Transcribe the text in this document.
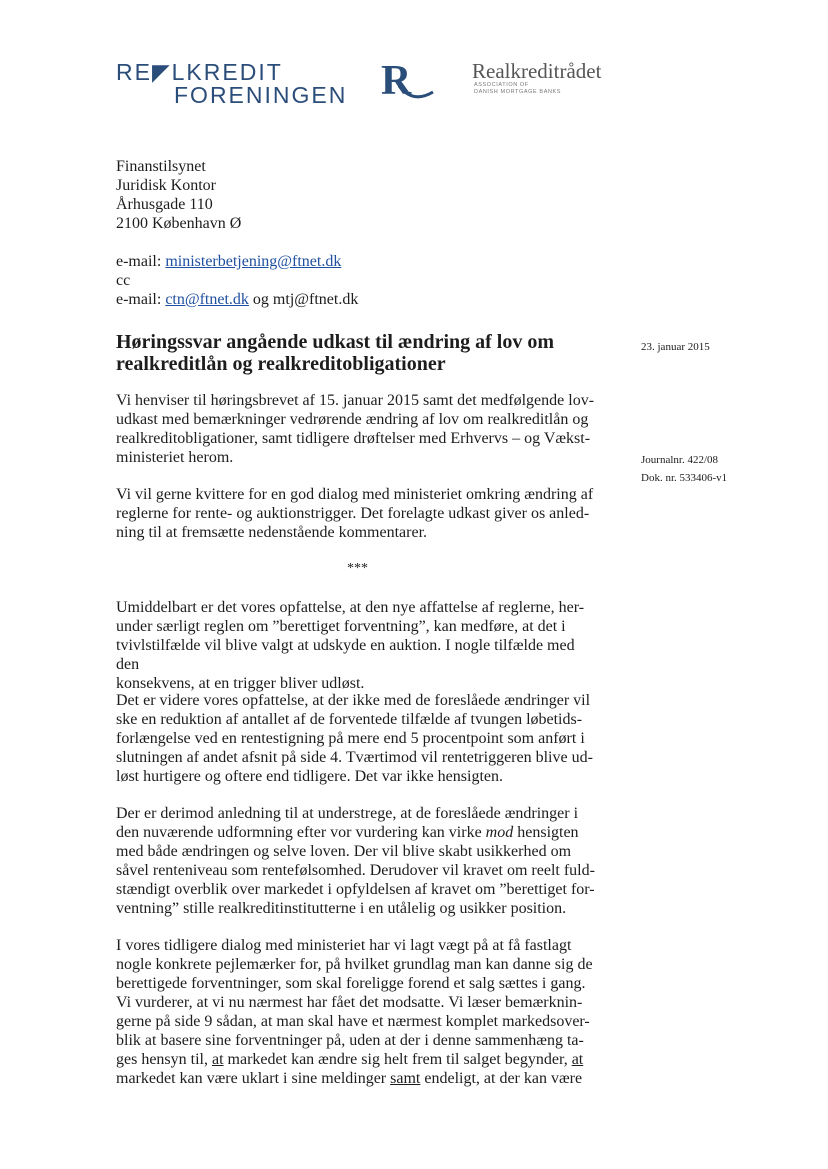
RE◤LKREDIT
FORENINGEN R	Realkreditrådet
ASSOCIATION OF
DANISH MORTGAGE BANKS
Finanstilsynet
Juridisk Kontor
Århusgade 110
2100 København Ø
e-mail: ministerbetjening@ftnet.dk
cc
e-mail: ctn@ftnet.dk og mtj@ftnet.dk
Høringssvar angående udkast til ændring af lov om realkreditlån og realkreditobligationer
23. januar 2015
Journalnr. 422/08
Dok. nr. 533406-v1
Vi henviser til høringsbrevet af 15. januar 2015 samt det medfølgende lov-
udkast med bemærkninger vedrørende ændring af lov om realkreditlån og
realkreditobligationer, samt tidligere drøftelser med Erhvervs – og Vækst-
ministeriet herom.
Vi vil gerne kvittere for en god dialog med ministeriet omkring ændring af
reglerne for rente- og auktionstrigger. Det forelagte udkast giver os anled-
ning til at fremsætte nedenstående kommentarer.
***
Umiddelbart er det vores opfattelse, at den nye affattelse af reglerne, her-
under særligt reglen om ”berettiget forventning”, kan medføre, at det i
tvivlstilfælde vil blive valgt at udskyde en auktion. I nogle tilfælde med den
konsekvens, at en trigger bliver udløst.
Det er videre vores opfattelse, at der ikke med de foreslåede ændringer vil
ske en reduktion af antallet af de forventede tilfælde af tvungen løbetids-
forlængelse ved en rentestigning på mere end 5 procentpoint som anført i
slutningen af andet afsnit på side 4. Tværtimod vil rentetriggeren blive ud-
løst hurtigere og oftere end tidligere. Det var ikke hensigten.
Der er derimod anledning til at understrege, at de foreslåede ændringer i
den nuværende udformning efter vor vurdering kan virke mod hensigten
med både ændringen og selve loven. Der vil blive skabt usikkerhed om
såvel renteniveau som rentefølsomhed. Derudover vil kravet om reelt fuld-
stændigt overblik over markedet i opfyldelsen af kravet om ”berettiget for-
ventning” stille realkreditinstitutterne i en utålelig og usikker position.
I vores tidligere dialog med ministeriet har vi lagt vægt på at få fastlagt
nogle konkrete pejlemærker for, på hvilket grundlag man kan danne sig de
berettigede forventninger, som skal foreligge forend et salg sættes i gang.
Vi vurderer, at vi nu nærmest har fået det modsatte. Vi læser bemærknin-
gerne på side 9 sådan, at man skal have et nærmest komplet markedsover-
blik at basere sine forventninger på, uden at der i denne sammenhæng ta-
ges hensyn til, at markedet kan ændre sig helt frem til salget begynder, at
markedet kan være uklart i sine meldinger samt endeligt, at der kan være
